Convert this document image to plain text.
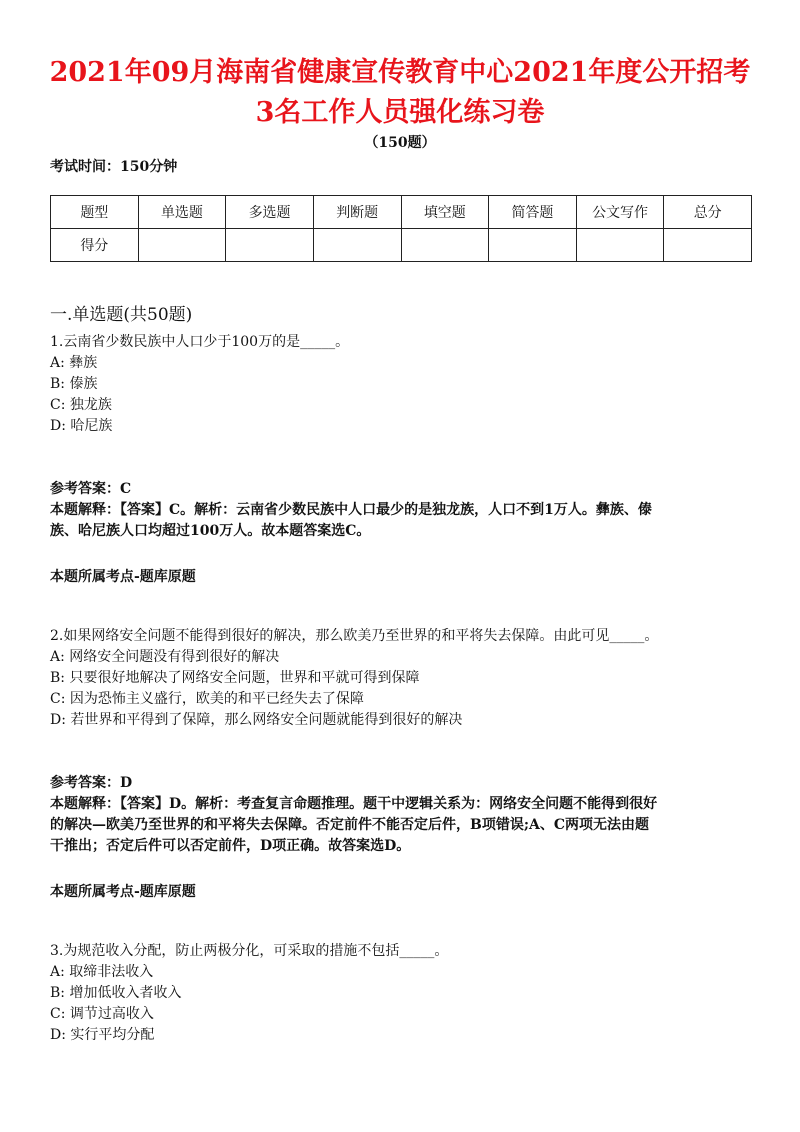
2021年09月海南省健康宣传教育中心2021年度公开招考
3名工作人员强化练习卷
（150题）
考试时间：150分钟
题型	单选题	多选题	判断题	填空题	简答题	公文写作	总分
得分							
一.单选题(共50题)
1.云南省少数民族中人口少于100万的是_____。
A: 彝族
B: 傣族
C: 独龙族
D: 哈尼族
参考答案：C
本题解释：【答案】C。解析：云南省少数民族中人口最少的是独龙族，人口不到1万人。彝族、傣
族、哈尼族人口均超过100万人。故本题答案选C。
本题所属考点-题库原题
2.如果网络安全问题不能得到很好的解决，那么欧美乃至世界的和平将失去保障。由此可见_____。
A: 网络安全问题没有得到很好的解决
B: 只要很好地解决了网络安全问题，世界和平就可得到保障
C: 因为恐怖主义盛行，欧美的和平已经失去了保障
D: 若世界和平得到了保障，那么网络安全问题就能得到很好的解决
参考答案：D
本题解释：【答案】D。解析：考查复言命题推理。题干中逻辑关系为：网络安全问题不能得到很好
的解决—欧美乃至世界的和平将失去保障。否定前件不能否定后件，B项错误;A、C两项无法由题
干推出；否定后件可以否定前件，D项正确。故答案选D。
本题所属考点-题库原题
3.为规范收入分配，防止两极分化，可采取的措施不包括_____。
A: 取缔非法收入
B: 增加低收入者收入
C: 调节过高收入
D: 实行平均分配
